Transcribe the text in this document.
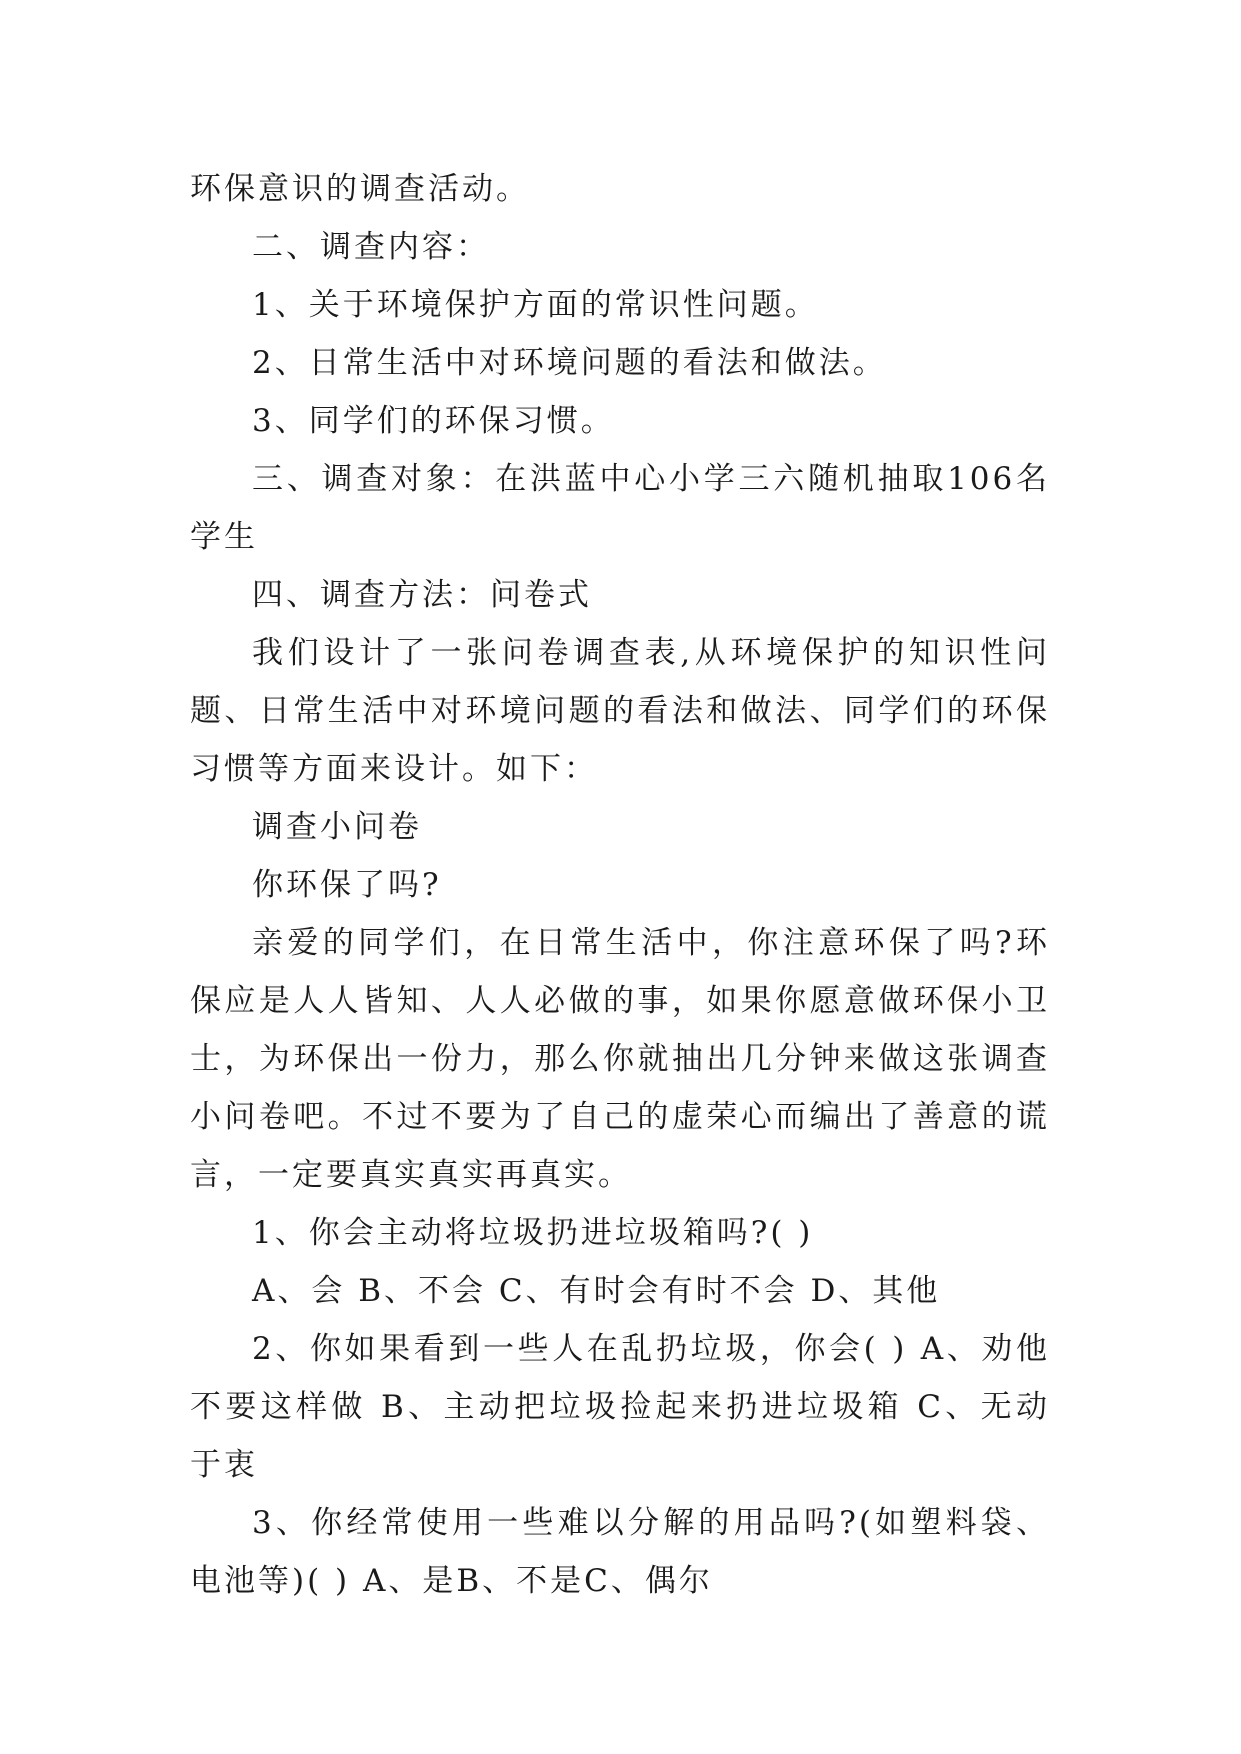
环保意识的调查活动。

二、调查内容：

1、关于环境保护方面的常识性问题。

2、日常生活中对环境问题的看法和做法。

3、同学们的环保习惯。

三、调查对象：在洪蓝中心小学三六随机抽取106名学生

四、调查方法：问卷式

我们设计了一张问卷调查表,从环境保护的知识性问题、日常生活中对环境问题的看法和做法、同学们的环保习惯等方面来设计。如下：

调查小问卷

你环保了吗?

亲爱的同学们，在日常生活中，你注意环保了吗?环保应是人人皆知、人人必做的事，如果你愿意做环保小卫士，为环保出一份力，那么你就抽出几分钟来做这张调查小问卷吧。不过不要为了自己的虚荣心而编出了善意的谎言，一定要真实真实再真实。

1、你会主动将垃圾扔进垃圾箱吗?( )

A、会 B、不会 C、有时会有时不会 D、其他

2、你如果看到一些人在乱扔垃圾，你会( ) A、劝他不要这样做 B、主动把垃圾捡起来扔进垃圾箱 C、无动于衷

3、你经常使用一些难以分解的用品吗?(如塑料袋、电池等)( ) A、是B、不是C、偶尔
